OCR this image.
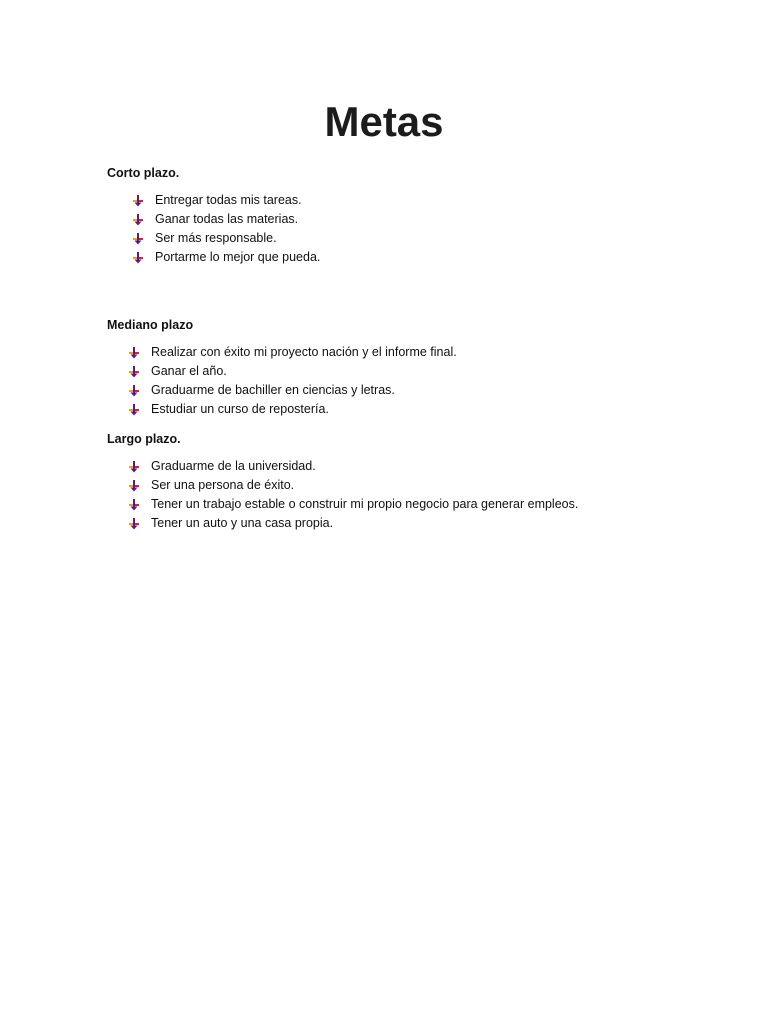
Metas

Corto plazo.

Entregar todas mis tareas.
Ganar todas las materias.
Ser más responsable.
Portarme lo mejor que pueda.

Mediano plazo

Realizar con éxito mi proyecto nación y el informe final.
Ganar el año.
Graduarme de bachiller en ciencias y letras.
Estudiar un curso de repostería.

Largo plazo.

Graduarme de la universidad.
Ser una persona de éxito.
Tener un trabajo estable o construir mi propio negocio para generar empleos.
Tener un auto y una casa propia.
